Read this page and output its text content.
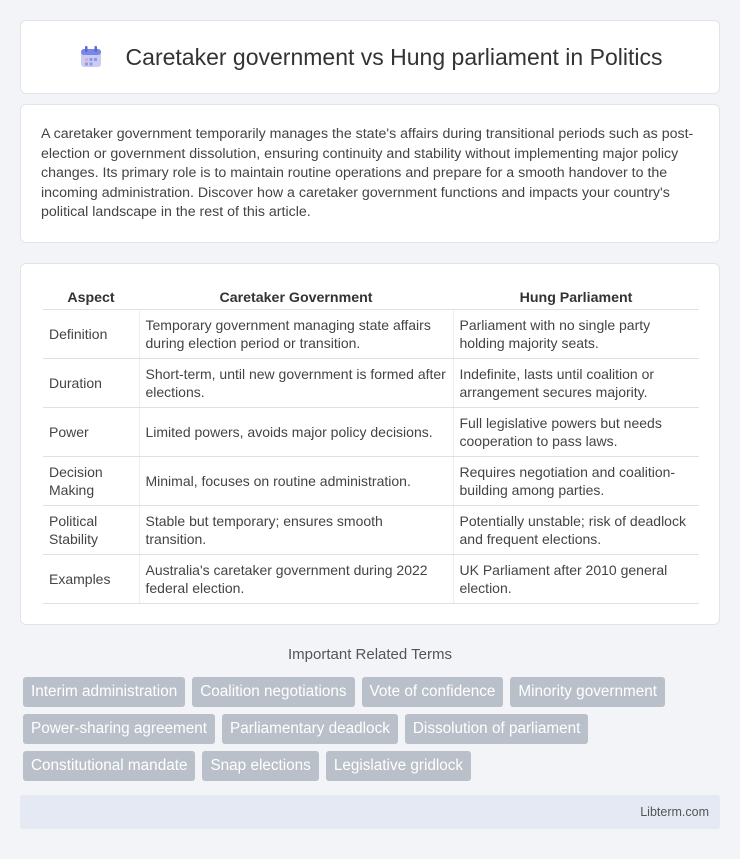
Caretaker government vs Hung parliament in Politics

A caretaker government temporarily manages the state's affairs during transitional periods such as post-election or government dissolution, ensuring continuity and stability without implementing major policy changes. Its primary role is to maintain routine operations and prepare for a smooth handover to the incoming administration. Discover how a caretaker government functions and impacts your country's political landscape in the rest of this article.

Aspect	Caretaker Government	Hung Parliament
Definition	Temporary government managing state affairs during election period or transition.	Parliament with no single party holding majority seats.
Duration	Short-term, until new government is formed after elections.	Indefinite, lasts until coalition or arrangement secures majority.
Power	Limited powers, avoids major policy decisions.	Full legislative powers but needs cooperation to pass laws.
Decision Making	Minimal, focuses on routine administration.	Requires negotiation and coalition-building among parties.
Political Stability	Stable but temporary; ensures smooth transition.	Potentially unstable; risk of deadlock and frequent elections.
Examples	Australia's caretaker government during 2022 federal election.	UK Parliament after 2010 general election.
Important Related Terms
Interim administration	Coalition negotiations	Vote of confidence	Minority government
Power-sharing agreement	Parliamentary deadlock	Dissolution of parliament
Constitutional mandate	Snap elections	Legislative gridlock
Libterm.com
